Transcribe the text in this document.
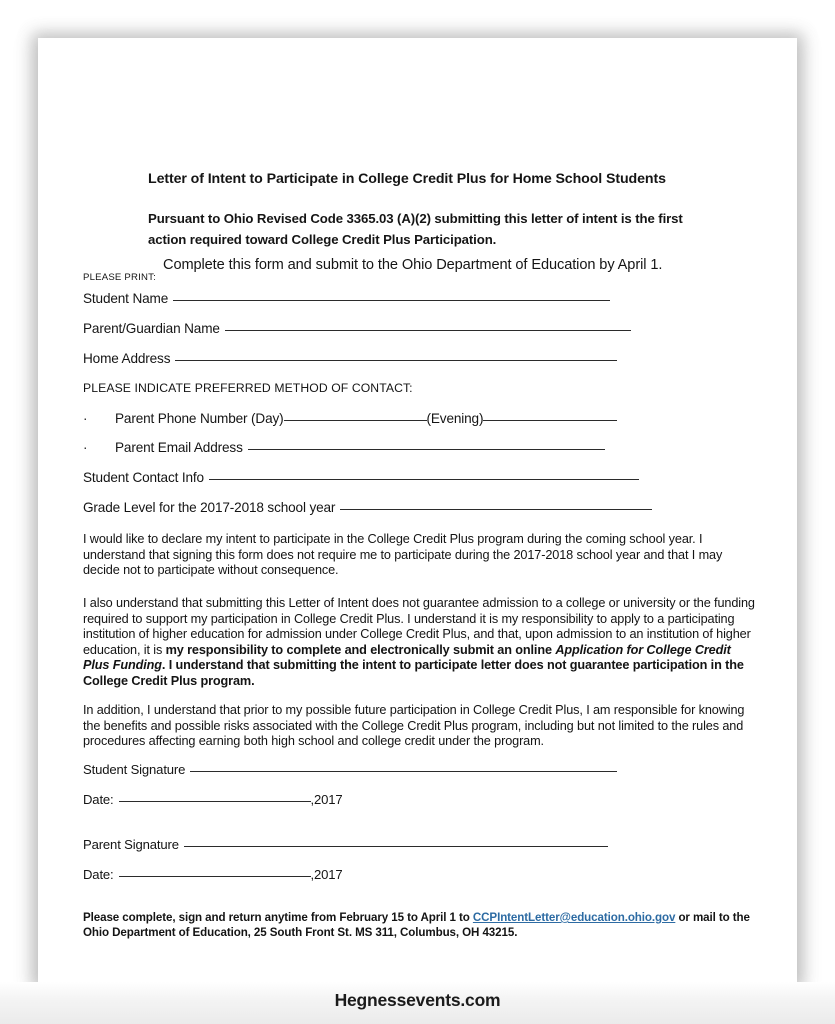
Letter of Intent to Participate in College Credit Plus for Home School Students
Pursuant to Ohio Revised Code 3365.03 (A)(2) submitting this letter of intent is the first action required toward College Credit Plus Participation.
Complete this form and submit to the Ohio Department of Education by April 1.
PLEASE PRINT:
Student Name
Parent/Guardian Name
Home Address
PLEASE INDICATE PREFERRED METHOD OF CONTACT:
· Parent Phone Number (Day)	(Evening)
· Parent Email Address
Student Contact Info
Grade Level for the 2017-2018 school year
I would like to declare my intent to participate in the College Credit Plus program during the coming school year. I understand that signing this form does not require me to participate during the 2017-2018 school year and that I may decide not to participate without consequence.
I also understand that submitting this Letter of Intent does not guarantee admission to a college or university or the funding required to support my participation in College Credit Plus. I understand it is my responsibility to apply to a participating institution of higher education for admission under College Credit Plus, and that, upon admission to an institution of higher education, it is my responsibility to complete and electronically submit an online Application for College Credit Plus Funding. I understand that submitting the intent to participate letter does not guarantee participation in the College Credit Plus program.
In addition, I understand that prior to my possible future participation in College Credit Plus, I am responsible for knowing the benefits and possible risks associated with the College Credit Plus program, including but not limited to the rules and procedures affecting earning both high school and college credit under the program.
Student Signature
Date:	,2017
Parent Signature
Date:	,2017
Please complete, sign and return anytime from February 15 to April 1 to CCPIntentLetter@education.ohio.gov or mail to the Ohio Department of Education, 25 South Front St. MS 311, Columbus, OH 43215.
Hegnessevents.com
